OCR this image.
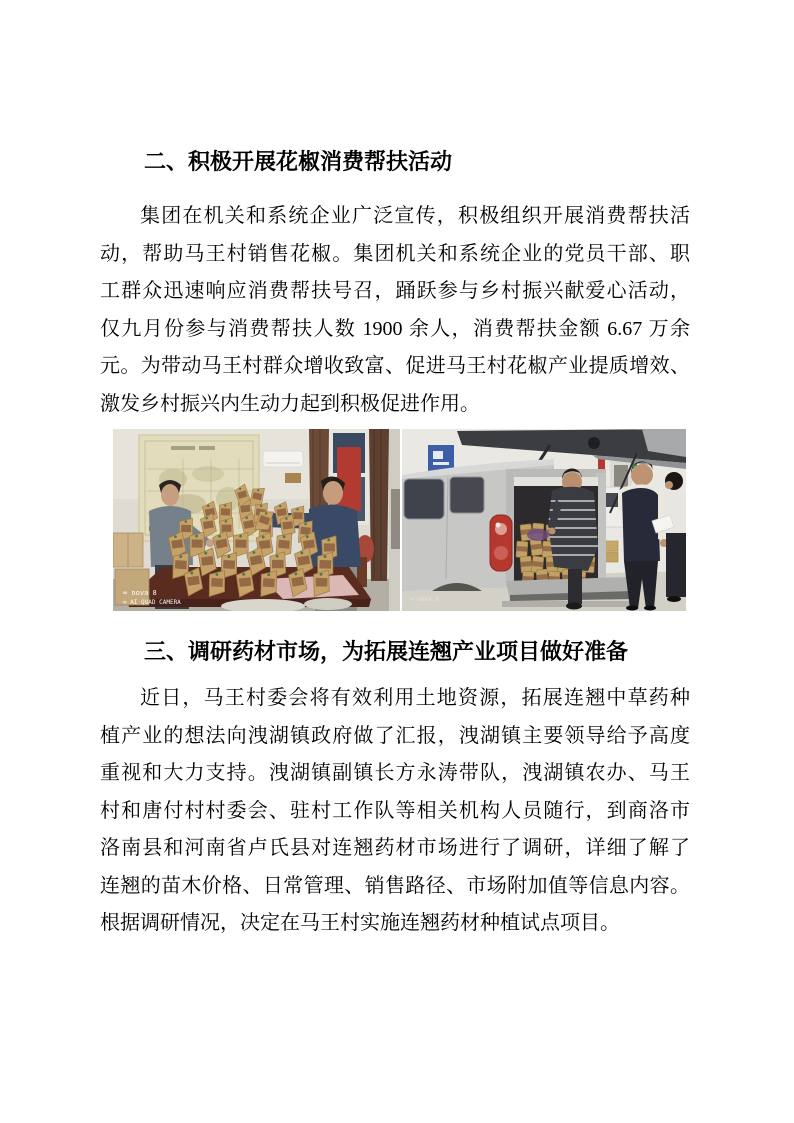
二、积极开展花椒消费帮扶活动
集团在机关和系统企业广泛宣传，积极组织开展消费帮扶活
动，帮助马王村销售花椒。集团机关和系统企业的党员干部、职
工群众迅速响应消费帮扶号召，踊跃参与乡村振兴献爱心活动，
仅九月份参与消费帮扶人数 1900 余人，消费帮扶金额 6.67 万余
元。为带动马王村群众增收致富、促进马王村花椒产业提质增效、
激发乡村振兴内生动力起到积极促进作用。
∞ nova 8
∞ AI QUAD CAMERA	∞ nova 8
三、调研药材市场，为拓展连翘产业项目做好准备
近日，马王村委会将有效利用土地资源，拓展连翘中草药种
植产业的想法向洩湖镇政府做了汇报，洩湖镇主要领导给予高度
重视和大力支持。洩湖镇副镇长方永涛带队，洩湖镇农办、马王
村和唐付村村委会、驻村工作队等相关机构人员随行，到商洛市
洛南县和河南省卢氏县对连翘药材市场进行了调研，详细了解了
连翘的苗木价格、日常管理、销售路径、市场附加值等信息内容。
根据调研情况，决定在马王村实施连翘药材种植试点项目。
